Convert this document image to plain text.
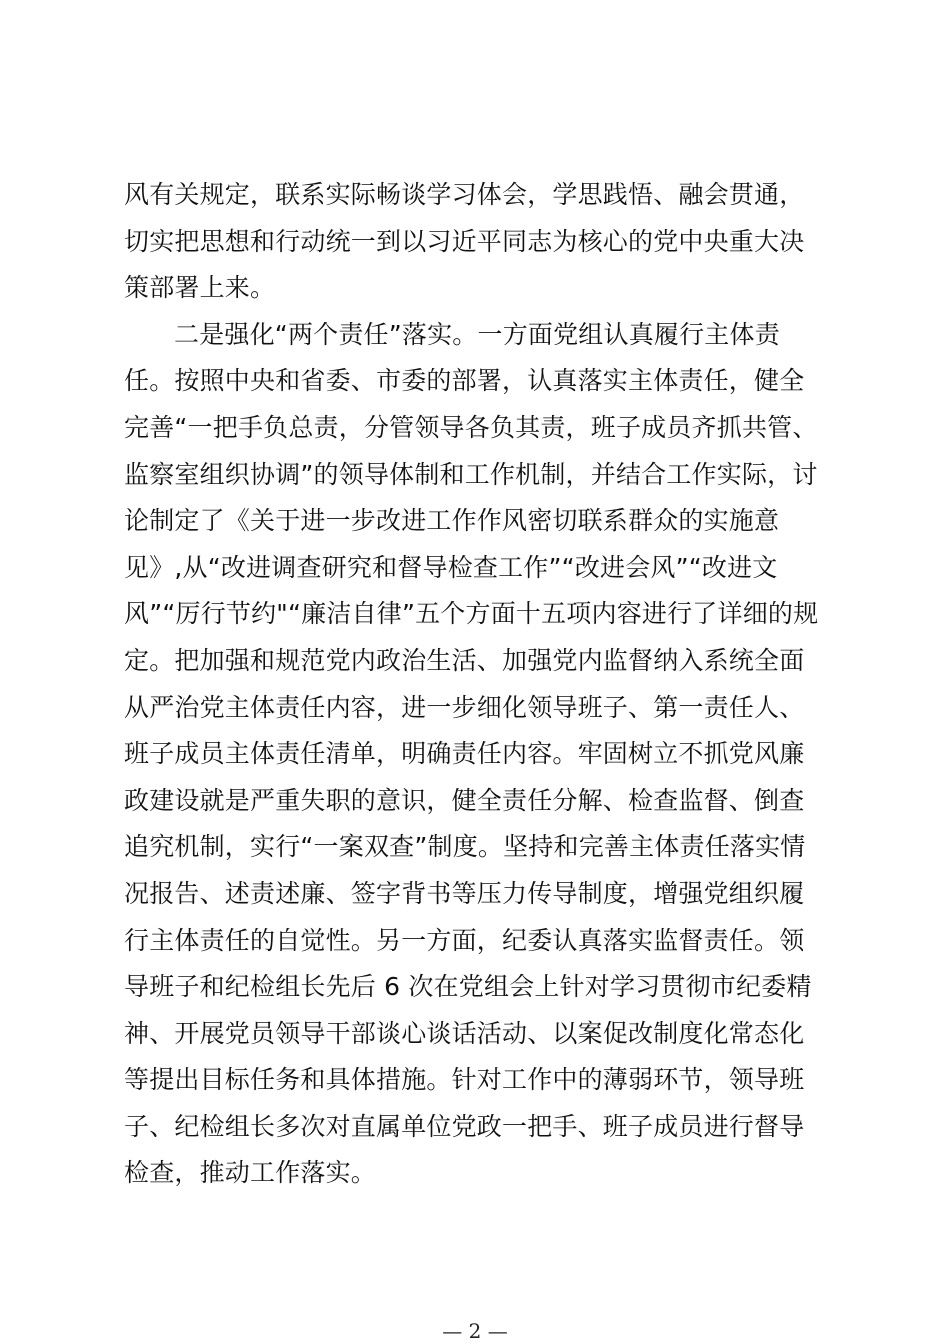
风有关规定，联系实际畅谈学习体会，学思践悟、融会贯通，
切实把思想和行动统一到以习近平同志为核心的党中央重大决
策部署上来。
二是强化“两个责任”落实。一方面党组认真履行主体责
任。按照中央和省委、市委的部署，认真落实主体责任，健全
完善“一把手负总责，分管领导各负其责，班子成员齐抓共管、
监察室组织协调”的领导体制和工作机制，并结合工作实际，讨
论制定了《关于进一步改进工作作风密切联系群众的实施意
见》,从“改进调查研究和督导检查工作”“改进会风”“改进文
风”“厉行节约"“廉洁自律”五个方面十五项内容进行了详细的规
定。把加强和规范党内政治生活、加强党内监督纳入系统全面
从严治党主体责任内容，进一步细化领导班子、第一责任人、
班子成员主体责任清单，明确责任内容。牢固树立不抓党风廉
政建设就是严重失职的意识，健全责任分解、检查监督、倒查
追究机制，实行“一案双查”制度。坚持和完善主体责任落实情
况报告、述责述廉、签字背书等压力传导制度，增强党组织履
行主体责任的自觉性。另一方面，纪委认真落实监督责任。领
导班子和纪检组长先后 6 次在党组会上针对学习贯彻市纪委精
神、开展党员领导干部谈心谈话活动、以案促改制度化常态化
等提出目标任务和具体措施。针对工作中的薄弱环节，领导班
子、纪检组长多次对直属单位党政一把手、班子成员进行督导
检查，推动工作落实。
— 2 —
